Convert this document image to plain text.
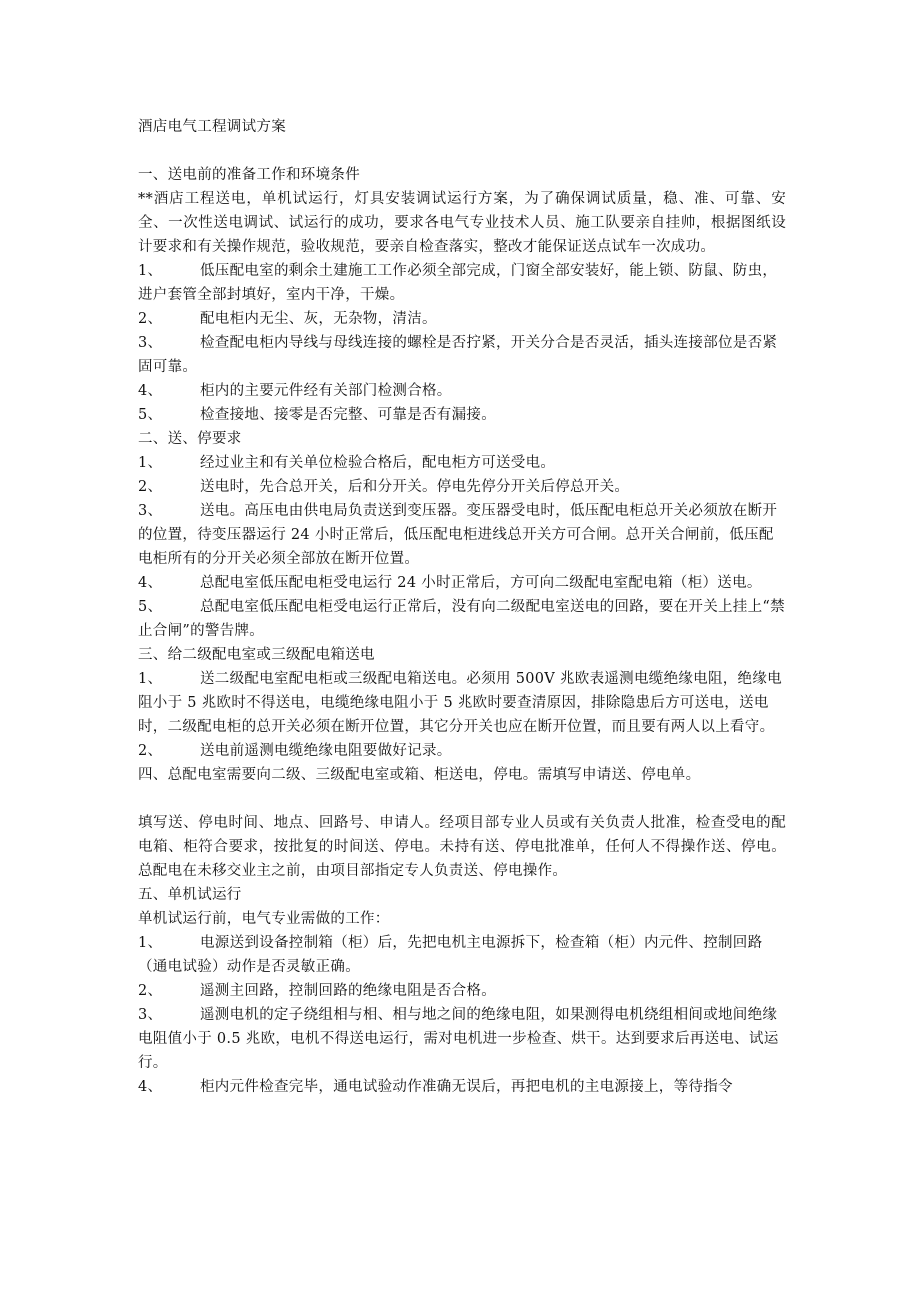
酒店电气工程调试方案
一、送电前的准备工作和环境条件
**酒店工程送电，单机试运行，灯具安装调试运行方案，为了确保调试质量，稳、准、可靠、安全、一次性送电调试、试运行的成功，要求各电气专业技术人员、施工队要亲自挂帅，根据图纸设计要求和有关操作规范，验收规范，要亲自检查落实，整改才能保证送点试车一次成功。
1、	低压配电室的剩余土建施工工作必须全部完成，门窗全部安装好，能上锁、防鼠、防虫，进户套管全部封填好，室内干净，干燥。
2、	配电柜内无尘、灰，无杂物，清洁。
3、	检查配电柜内导线与母线连接的螺栓是否拧紧，开关分合是否灵活，插头连接部位是否紧固可靠。
4、	柜内的主要元件经有关部门检测合格。
5、	检查接地、接零是否完整、可靠是否有漏接。
二、送、停要求
1、	经过业主和有关单位检验合格后，配电柜方可送受电。
2、	送电时，先合总开关，后和分开关。停电先停分开关后停总开关。
3、	送电。高压电由供电局负责送到变压器。变压器受电时，低压配电柜总开关必须放在断开的位置，待变压器运行 24 小时正常后，低压配电柜进线总开关方可合闸。总开关合闸前，低压配电柜所有的分开关必须全部放在断开位置。
4、	总配电室低压配电柜受电运行 24 小时正常后，方可向二级配电室配电箱（柜）送电。
5、	总配电室低压配电柜受电运行正常后，没有向二级配电室送电的回路，要在开关上挂上“禁止合闸”的警告牌。
三、给二级配电室或三级配电箱送电
1、	送二级配电室配电柜或三级配电箱送电。必须用 500V 兆欧表遥测电缆绝缘电阻，绝缘电阻小于 5 兆欧时不得送电，电缆绝缘电阻小于 5 兆欧时要查清原因，排除隐患后方可送电，送电时，二级配电柜的总开关必须在断开位置，其它分开关也应在断开位置，而且要有两人以上看守。
2、	送电前遥测电缆绝缘电阻要做好记录。
四、总配电室需要向二级、三级配电室或箱、柜送电，停电。需填写申请送、停电单。
填写送、停电时间、地点、回路号、申请人。经项目部专业人员或有关负责人批准，检查受电的配电箱、柜符合要求，按批复的时间送、停电。未持有送、停电批准单，任何人不得操作送、停电。总配电在未移交业主之前，由项目部指定专人负责送、停电操作。
五、单机试运行
单机试运行前，电气专业需做的工作：
1、	电源送到设备控制箱（柜）后，先把电机主电源拆下，检查箱（柜）内元件、控制回路（通电试验）动作是否灵敏正确。
2、	遥测主回路，控制回路的绝缘电阻是否合格。
3、	遥测电机的定子绕组相与相、相与地之间的绝缘电阻，如果测得电机绕组相间或地间绝缘电阻值小于 0.5 兆欧，电机不得送电运行，需对电机进一步检查、烘干。达到要求后再送电、试运行。
4、	柜内元件检查完毕，通电试验动作准确无误后，再把电机的主电源接上，等待指令
